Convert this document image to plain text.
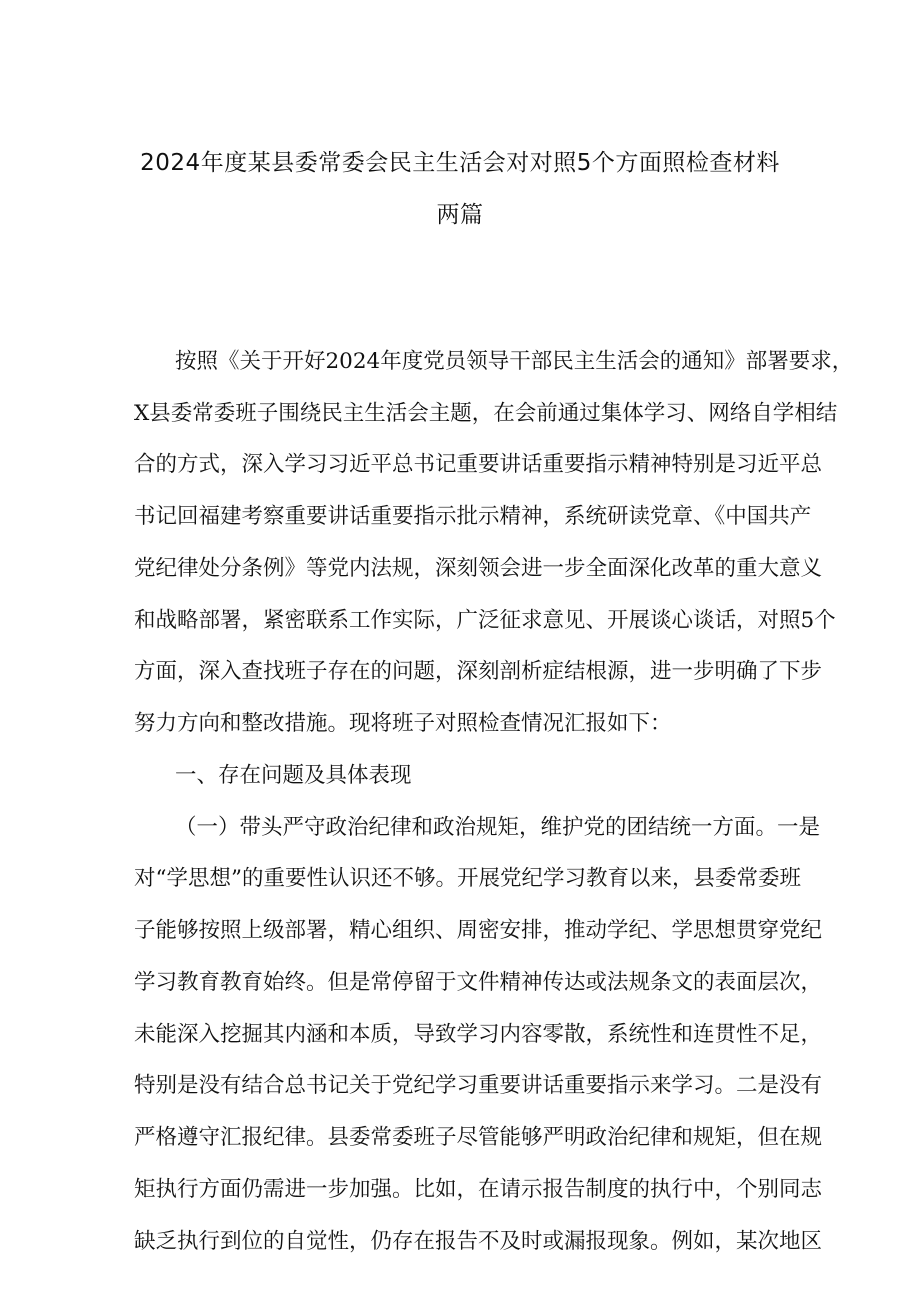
2024年度某县委常委会民主生活会对对照5个方面照检查材料
两篇
按照《关于开好2024年度党员领导干部民主生活会的通知》部署要求，
X县委常委班子围绕民主生活会主题，在会前通过集体学习、网络自学相结
合的方式，深入学习习近平总书记重要讲话重要指示精神特别是习近平总
书记回福建考察重要讲话重要指示批示精神，系统研读党章、《中国共产
党纪律处分条例》等党内法规，深刻领会进一步全面深化改革的重大意义
和战略部署，紧密联系工作实际，广泛征求意见、开展谈心谈话，对照5个
方面，深入查找班子存在的问题，深刻剖析症结根源，进一步明确了下步
努力方向和整改措施。现将班子对照检查情况汇报如下：
一、存在问题及具体表现
（一）带头严守政治纪律和政治规矩，维护党的团结统一方面。一是
对“学思想”的重要性认识还不够。开展党纪学习教育以来，县委常委班
子能够按照上级部署，精心组织、周密安排，推动学纪、学思想贯穿党纪
学习教育教育始终。但是常停留于文件精神传达或法规条文的表面层次，
未能深入挖掘其内涵和本质，导致学习内容零散，系统性和连贯性不足，
特别是没有结合总书记关于党纪学习重要讲话重要指示来学习。二是没有
严格遵守汇报纪律。县委常委班子尽管能够严明政治纪律和规矩，但在规
矩执行方面仍需进一步加强。比如，在请示报告制度的执行中，个别同志
缺乏执行到位的自觉性，仍存在报告不及时或漏报现象。例如，某次地区
